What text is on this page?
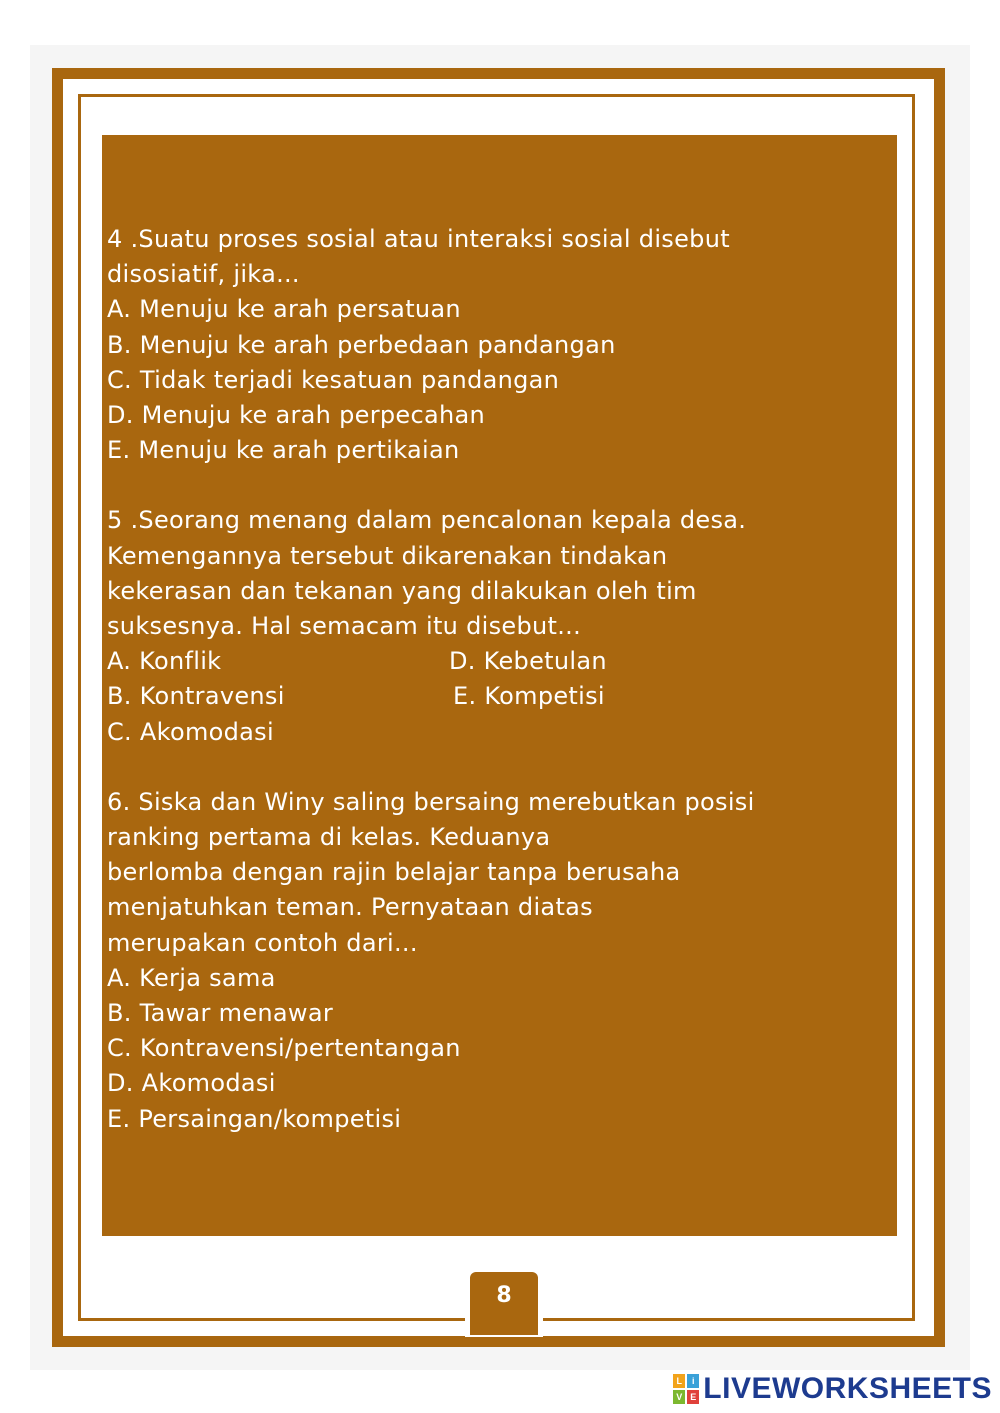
4 .Suatu proses sosial atau interaksi sosial disebut
disosiatif, jika...
A. Menuju ke arah persatuan
B. Menuju ke arah perbedaan pandangan
C. Tidak terjadi kesatuan pandangan
D. Menuju ke arah perpecahan
E. Menuju ke arah pertikaian
5 .Seorang menang dalam pencalonan kepala desa.
Kemengannya tersebut dikarenakan tindakan
kekerasan dan tekanan yang dilakukan oleh tim
suksesnya. Hal semacam itu disebut...
A. Konflik	D. Kebetulan
B. Kontravensi	E. Kompetisi
C. Akomodasi
6. Siska dan Winy saling bersaing merebutkan posisi
ranking pertama di kelas. Keduanya
berlomba dengan rajin belajar tanpa berusaha
menjatuhkan teman. Pernyataan diatas
merupakan contoh dari...
A. Kerja sama
B. Tawar menawar
C. Kontravensi/pertentangan
D. Akomodasi
E. Persaingan/kompetisi
8
L	i
V E LIVEWORKSHEETS
